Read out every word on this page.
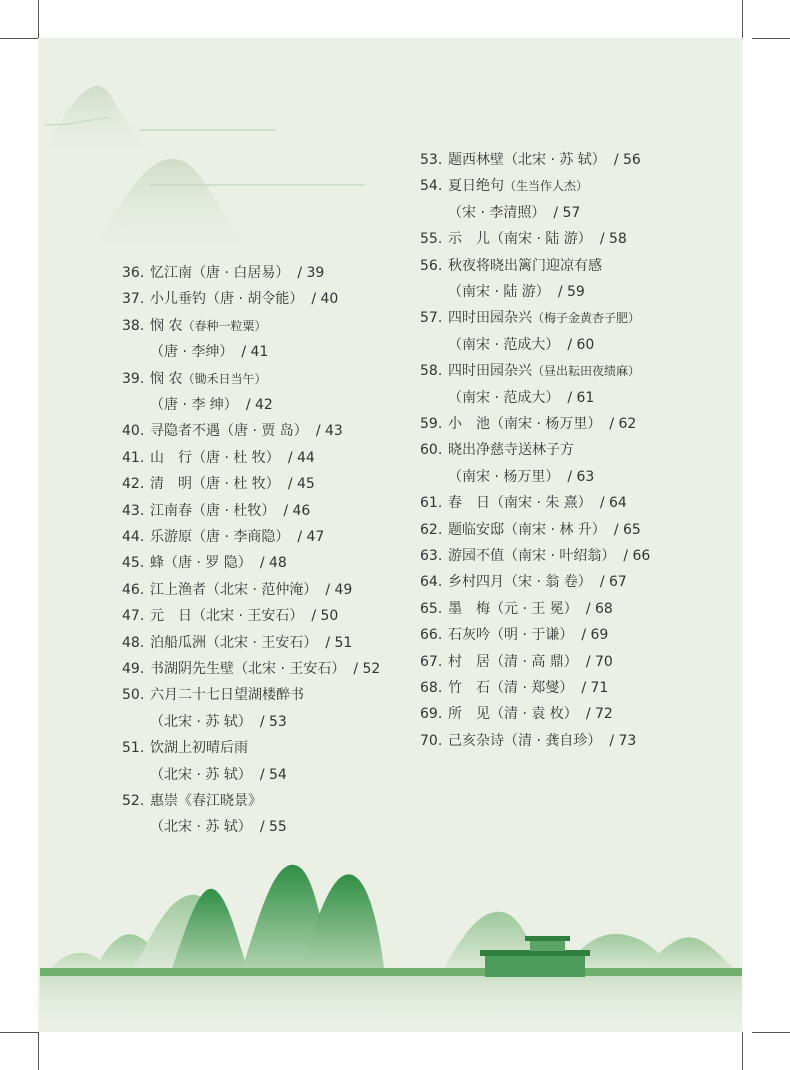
36. 忆江南（唐 · 白居易） / 39
37. 小儿垂钓（唐 · 胡令能） / 40
38. 悯 农（春种一粒粟）
（唐 · 李绅） / 41
39. 悯 农（锄禾日当午）
（唐 · 李 绅） / 42
40. 寻隐者不遇（唐 · 贾 岛） / 43
41. 山　行（唐 · 杜 牧） / 44
42. 清　明（唐 · 杜 牧） / 45
43. 江南春（唐 · 杜牧） / 46
44. 乐游原（唐 · 李商隐） / 47
45. 蜂（唐 · 罗 隐） / 48
46. 江上渔者（北宋 · 范仲淹） / 49
47. 元　日（北宋 · 王安石） / 50
48. 泊船瓜洲（北宋 · 王安石） / 51
49. 书湖阴先生壁（北宋 · 王安石） / 52
50. 六月二十七日望湖楼醉书
（北宋 · 苏 轼） / 53
51. 饮湖上初晴后雨
（北宋 · 苏 轼） / 54
52. 惠崇《春江晓景》
（北宋 · 苏 轼） / 55
53. 题西林壁（北宋 · 苏 轼） / 56
54. 夏日绝句（生当作人杰）
（宋 · 李清照） / 57
55. 示　儿（南宋 · 陆 游） / 58
56. 秋夜将晓出篱门迎凉有感
（南宋 · 陆 游） / 59
57. 四时田园杂兴（梅子金黄杏子肥）
（南宋 · 范成大） / 60
58. 四时田园杂兴（昼出耘田夜绩麻）
（南宋 · 范成大） / 61
59. 小　池（南宋 · 杨万里） / 62
60. 晓出净慈寺送林子方
（南宋 · 杨万里） / 63
61. 春　日（南宋 · 朱 熹） / 64
62. 题临安邸（南宋 · 林 升） / 65
63. 游园不值（南宋 · 叶绍翁） / 66
64. 乡村四月（宋 · 翁 卷） / 67
65. 墨　梅（元 · 王 冕） / 68
66. 石灰吟（明 · 于谦） / 69
67. 村　居（清 · 高 鼎） / 70
68. 竹　石（清 · 郑燮） / 71
69. 所　见（清 · 袁 枚） / 72
70. 己亥杂诗（清 · 龚自珍） / 73
